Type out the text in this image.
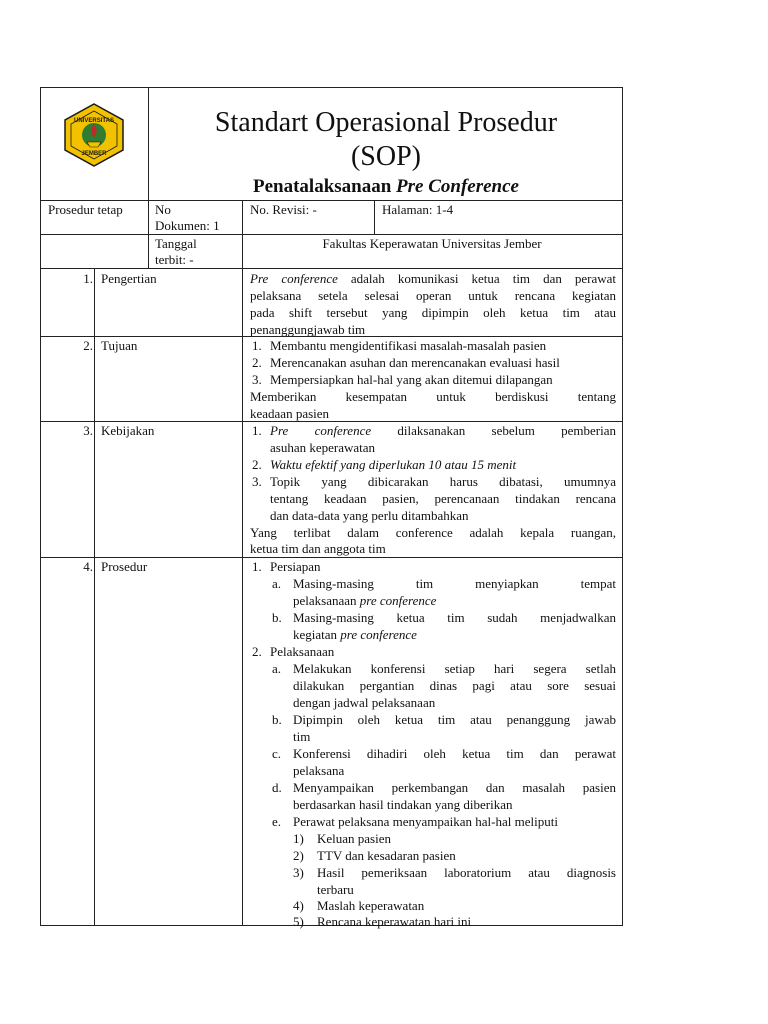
UNIVERSITAS
JEMBER
Standart Operasional Prosedur
(SOP)
Penatalaksanaan Pre Conference
Prosedur tetap No
Dokumen: 1
No. Revisi: -	Halaman: 1-4
Tanggal
terbit: -
Fakultas Keperawatan Universitas Jember
1. Pengertian	Pre conference adalah komunikasi ketua tim dan perawat
pelaksana setela selesai operan untuk rencana kegiatan
pada shift tersebut yang dipimpin oleh ketua tim atau
penanggungjawab tim
2. Tujuan	1. Membantu mengidentifikasi masalah-masalah pasien
2. Merencanakan asuhan dan merencanakan evaluasi hasil
3. Mempersiapkan hal-hal yang akan ditemui dilapangan
Memberikan kesempatan untuk berdiskusi tentang
keadaan pasien
3. Kebijakan	1. Pre conference dilaksanakan sebelum pemberian
asuhan keperawatan
2. Waktu efektif yang diperlukan 10 atau 15 menit
3. Topik yang dibicarakan harus dibatasi, umumnya
tentang keadaan pasien, perencanaan tindakan rencana
dan data-data yang perlu ditambahkan
Yang terlibat dalam conference adalah kepala ruangan,
ketua tim dan anggota tim
4. Prosedur	1. Persiapan
a. Masing-masing tim menyiapkan tempat
pelaksanaan pre conference
b. Masing-masing ketua tim sudah menjadwalkan
kegiatan pre conference
2. Pelaksanaan
a. Melakukan konferensi setiap hari segera setlah
dilakukan pergantian dinas pagi atau sore sesuai
dengan jadwal pelaksanaan
b. Dipimpin oleh ketua tim atau penanggung jawab
tim
c. Konferensi dihadiri oleh ketua tim dan perawat
pelaksana
d. Menyampaikan perkembangan dan masalah pasien
berdasarkan hasil tindakan yang diberikan
e. Perawat pelaksana menyampaikan hal-hal meliputi
1) Keluan pasien
2) TTV dan kesadaran pasien
3) Hasil pemeriksaan laboratorium atau diagnosis
terbaru
4) Maslah keperawatan
5) Rencana keperawatan hari ini
